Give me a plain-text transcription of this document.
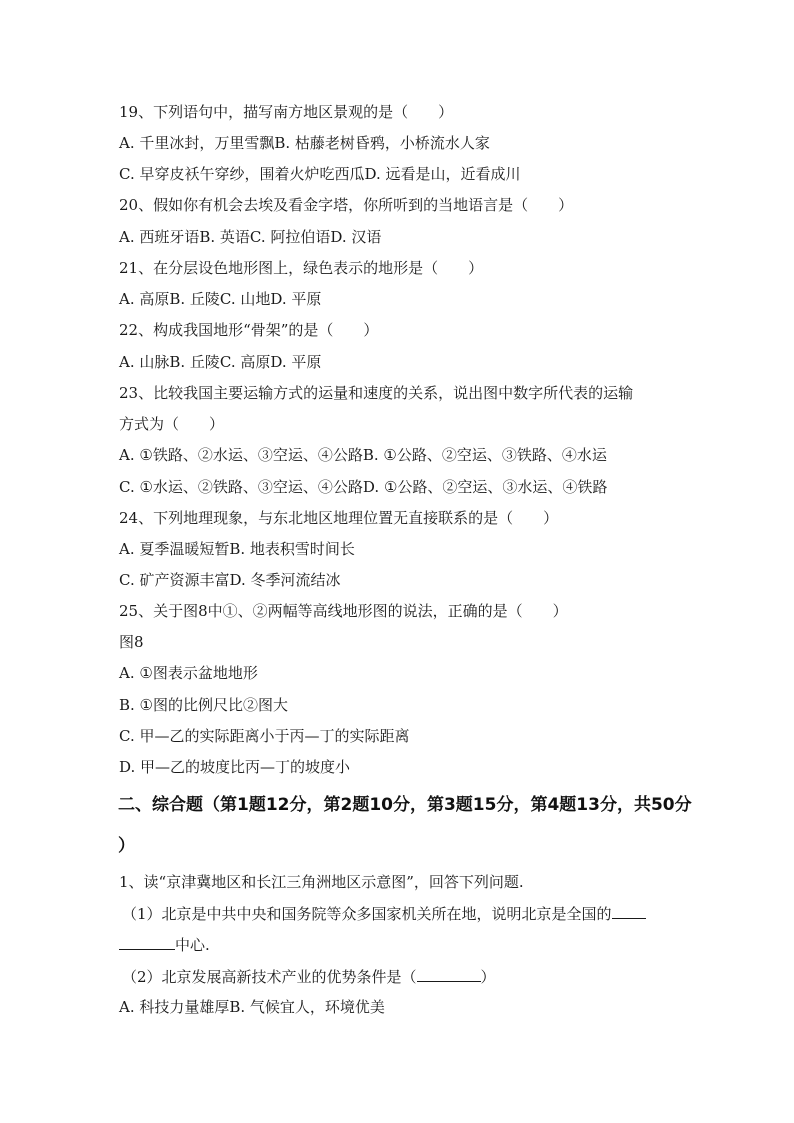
19、下列语句中，描写南方地区景观的是（　　）
A. 千里冰封，万里雪飘B. 枯藤老树昏鸦，小桥流水人家
C. 早穿皮袄午穿纱，围着火炉吃西瓜D. 远看是山，近看成川
20、假如你有机会去埃及看金字塔，你所听到的当地语言是（　　）
A. 西班牙语B. 英语C. 阿拉伯语D. 汉语
21、在分层设色地形图上，绿色表示的地形是（　　）
A. 高原B. 丘陵C. 山地D. 平原
22、构成我国地形“骨架”的是（　　）
A. 山脉B. 丘陵C. 高原D. 平原
23、比较我国主要运输方式的运量和速度的关系，说出图中数字所代表的运输
方式为（　　）
A. ①铁路、②水运、③空运、④公路B. ①公路、②空运、③铁路、④水运
C. ①水运、②铁路、③空运、④公路D. ①公路、②空运、③水运、④铁路
24、下列地理现象，与东北地区地理位置无直接联系的是（　　）
A. 夏季温暖短暂B. 地表积雪时间长
C. 矿产资源丰富D. 冬季河流结冰
25、关于图8中①、②两幅等高线地形图的说法，正确的是（　　）
图8
A. ①图表示盆地地形
B. ①图的比例尺比②图大
C. 甲—乙的实际距离小于丙—丁的实际距离
D. 甲—乙的坡度比丙—丁的坡度小
二、综合题（第1题12分，第2题10分，第3题15分，第4题13分，共50分
）
1、读“京津冀地区和长江三角洲地区示意图”，回答下列问题.
（1）北京是中共中央和国务院等众多国家机关所在地，说明北京是全国的
中心.
（2）北京发展高新技术产业的优势条件是（	）
A. 科技力量雄厚B. 气候宜人，环境优美
